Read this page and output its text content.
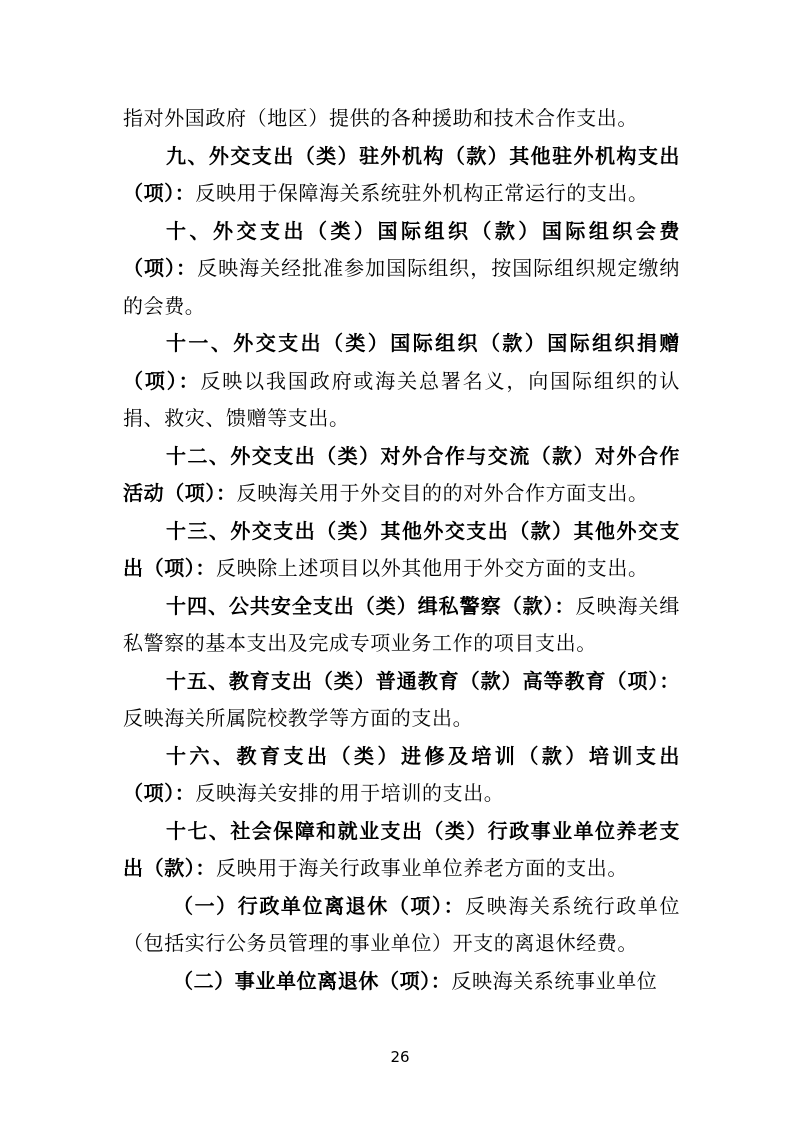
指对外国政府（地区）提供的各种援助和技术合作支出。

九、外交支出（类）驻外机构（款）其他驻外机构支出（项）：反映用于保障海关系统驻外机构正常运行的支出。

十、外交支出（类）国际组织（款）国际组织会费（项）：反映海关经批准参加国际组织，按国际组织规定缴纳的会费。

十一、外交支出（类）国际组织（款）国际组织捐赠（项）：反映以我国政府或海关总署名义，向国际组织的认捐、救灾、馈赠等支出。

十二、外交支出（类）对外合作与交流（款）对外合作活动（项）：反映海关用于外交目的的对外合作方面支出。

十三、外交支出（类）其他外交支出（款）其他外交支出（项）：反映除上述项目以外其他用于外交方面的支出。

十四、公共安全支出（类）缉私警察（款）：反映海关缉私警察的基本支出及完成专项业务工作的项目支出。

十五、教育支出（类）普通教育（款）高等教育（项）：反映海关所属院校教学等方面的支出。

十六、教育支出（类）进修及培训（款）培训支出（项）：反映海关安排的用于培训的支出。

十七、社会保障和就业支出（类）行政事业单位养老支出（款）：反映用于海关行政事业单位养老方面的支出。

（一）行政单位离退休（项）：反映海关系统行政单位（包括实行公务员管理的事业单位）开支的离退休经费。

（二）事业单位离退休（项）：反映海关系统事业单位

26
